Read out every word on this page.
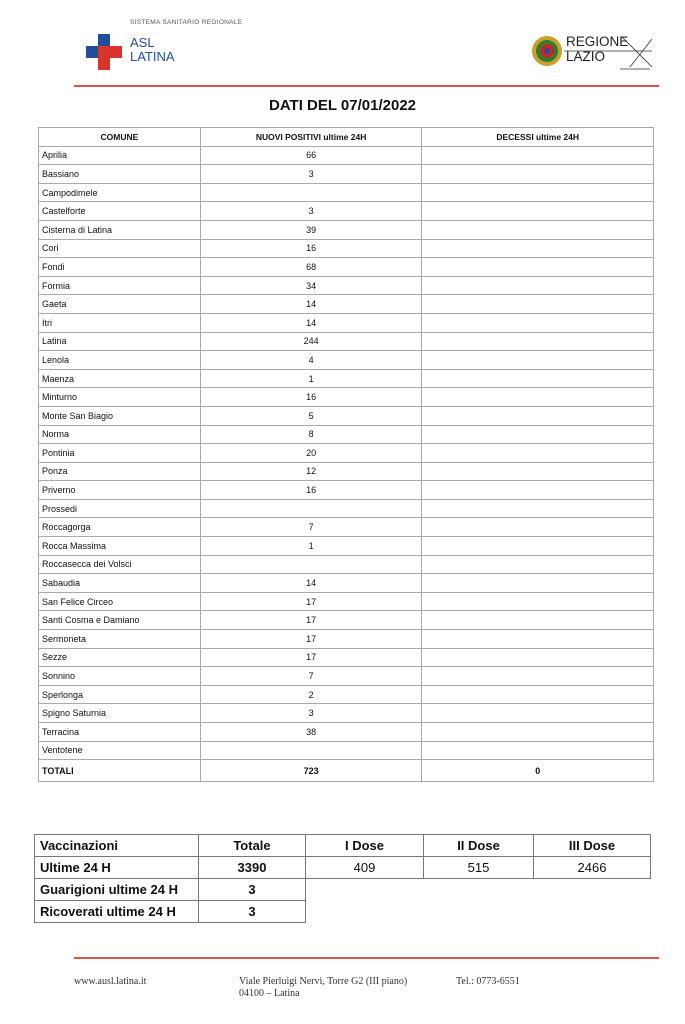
SISTEMA SANITARIO REGIONALE
ASL
LATINA
REGIONE
LAZIO
DATI DEL 07/01/2022
COMUNE	NUOVI POSITIVI ultime 24H	DECESSI ultime 24H
Aprilia	66	
Bassiano	3	
Campodimele		
Castelforte	3	
Cisterna di Latina	39	
Cori	16	
Fondi	68	
Formia	34	
Gaeta	14	
Itri	14	
Latina	244	
Lenola	4	
Maenza	1	
Minturno	16	
Monte San Biagio	5	
Norma	8	
Pontinia	20	
Ponza	12	
Priverno	16	
Prossedi		
Roccagorga	7	
Rocca Massima	1	
Roccasecca dei Volsci		
Sabaudia	14	
San Felice Circeo	17	
Santi Cosma e Damiano	17	
Sermoneta	17	
Sezze	17	
Sonnino	7	
Sperlonga	2	
Spigno Saturnia	3	
Terracina	38	
Ventotene		
TOTALI	723	0
Vaccinazioni	Totale	I Dose	II Dose	III Dose
Ultime 24 H	3390	409	515	2466
Guarigioni ultime 24 H	3			
Ricoverati ultime 24 H	3			
www.ausl.latina.it	Viale Pierluigi Nervi, Torre G2 (III piano)
04100 – Latina
Tel.: 0773-6551
